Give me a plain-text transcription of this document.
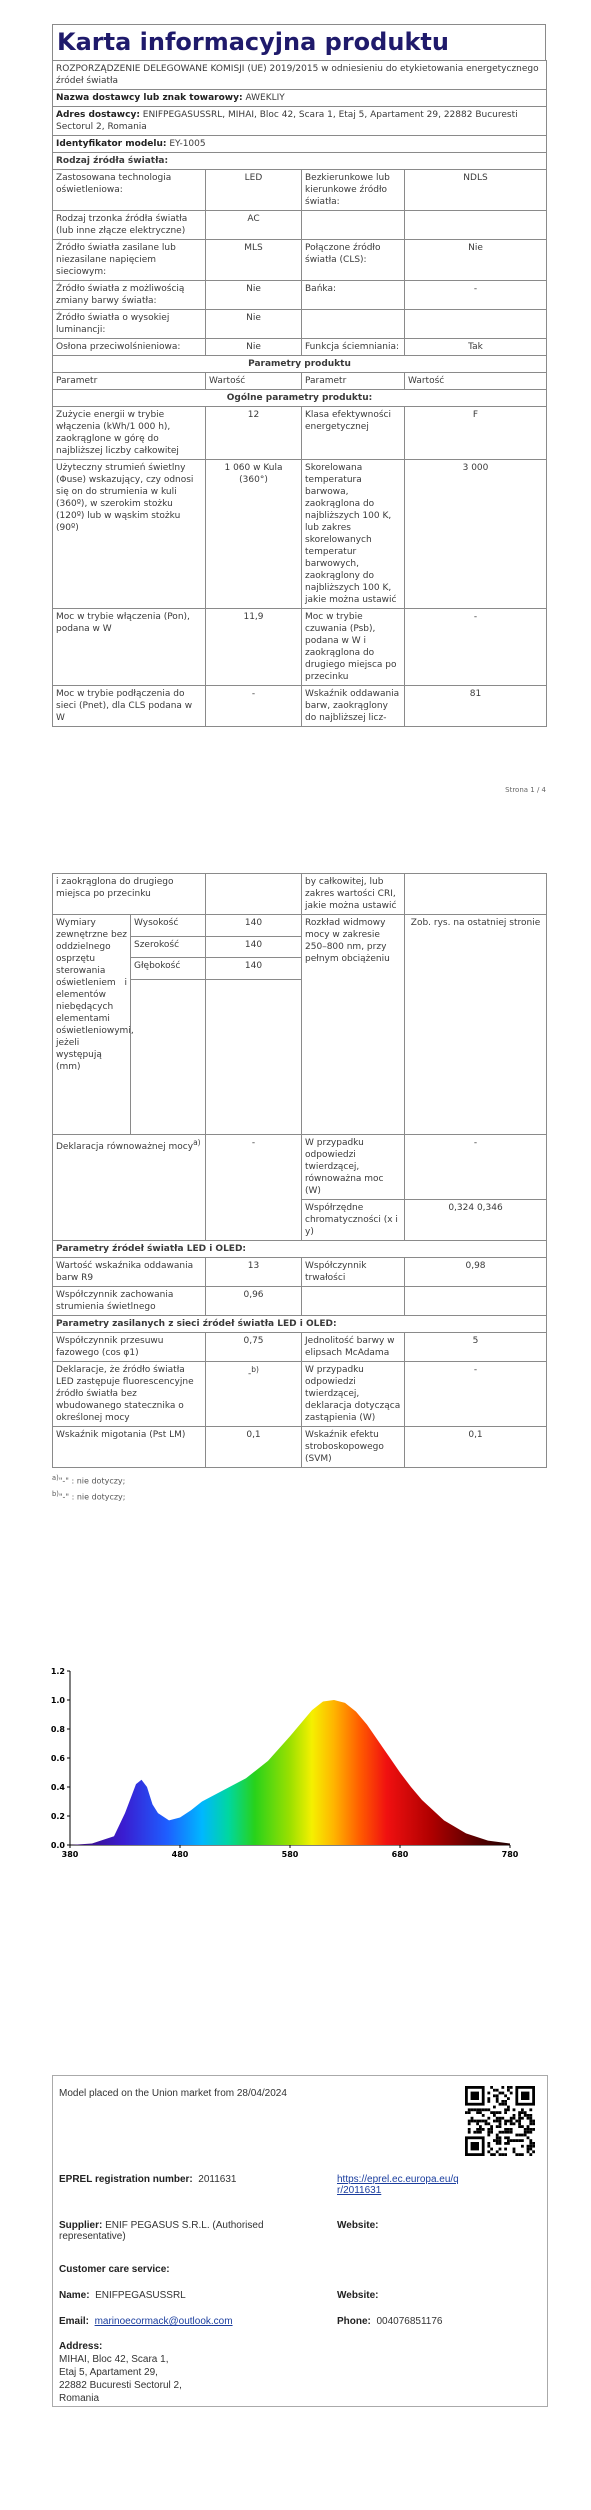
Karta informacyjna produktu
ROZPORZĄDZENIE DELEGOWANE KOMISJI (UE) 2019/2015 w odniesieniu do etykietowania energetycznego źródeł światła			
Nazwa dostawcy lub znak towarowy: AWEKLIY			
Adres dostawcy: ENIFPEGASUSSRL, MIHAI, Bloc 42, Scara 1, Etaj 5, Apartament 29, 22882 Bucuresti Sectorul 2, Romania			
Identyfikator modelu: EY-1005			
Rodzaj źródła światła:			
Zastosowana technologia oświetleniowa:	LED	Bezkierunkowe lub kierunkowe źródło światła:	NDLS
Rodzaj trzonka źródła światła (lub inne złącze elektryczne)	AC		
Źródło światła zasilane lub niezasilane napięciem sieciowym:	MLS	Połączone źródło światła (CLS):	Nie
Źródło światła z możliwością zmiany barwy światła:	Nie	Bańka:	-
Źródło światła o wysokiej luminancji:	Nie		
Osłona przeciwolśnieniowa:	Nie	Funkcja ściemniania:	Tak
Parametry produktu			
Parametr	Wartość	Parametr	Wartość
Ogólne parametry produktu:			
Zużycie energii w trybie włączenia (kWh/1 000 h), zaokrąglone w górę do najbliższej liczby całkowitej	12	Klasa efektywności energetycznej	F
Użyteczny strumień świetlny (Φuse) wskazujący, czy odnosi się on do strumienia w kuli (360º), w szerokim stożku (120º) lub w wąskim stożku (90º)	1 060 w Kula (360°)	Skorelowana temperatura barwowa, zaokrąglona do najbliższych 100 K, lub zakres skorelowanych temperatur barwowych, zaokrąglony do najbliższych 100 K, jakie można ustawić	3 000
Moc w trybie włączenia (Pon), podana w W	11,9	Moc w trybie czuwania (Psb), podana w W i zaokrąglona do drugiego miejsca po przecinku	-
Moc w trybie podłączenia do sieci (Pnet), dla CLS podana w W	-	Wskaźnik oddawania barw, zaokrąglony do najbliższej licz-	81
Strona 1 / 4
i zaokrąglona do drugiego miejsca po przecinku			by całkowitej, lub zakres wartości CRI, jakie można ustawić	
Wymiary zewnętrzne bez oddzielnego osprzętu sterowania oświetleniem i elementów niebędących elementami oświetleniowymi, jeżeli występują (mm)	Wysokość	140	Rozkład widmowy mocy w zakresie 250–800 nm, przy pełnym obciążeniu	Zob. rys. na ostatniej stronie
	Szerokość	140		
	Głębokość	140		

Deklaracja równoważnej mocy$^{a)}$		-	W przypadku odpowiedzi twierdzącej, równoważna moc (W)	-
			Współrzędne chromatyczności (x i y)	0,324 0,346
Parametry źródeł światła LED i OLED:				
Wartość wskaźnika oddawania barw R9		13	Współczynnik trwałości	0,98
Współczynnik zachowania strumienia świetlnego		0,96		
Parametry zasilanych z sieci źródeł światła LED i OLED:				
Współczynnik przesuwu fazowego (cos φ1)		0,75	Jednolitość barwy w elipsach McAdama	5
Deklaracje, że źródło światła LED zastępuje fluorescencyjne źródło światła bez wbudowanego statecznika o określonej mocy		-$^{b)}$	W przypadku odpowiedzi twierdzącej, deklaracja dotycząca zastąpienia (W)	-
Wskaźnik migotania (Pst LM)		0,1	Wskaźnik efektu stroboskopowego (SVM)	0,1
$^{a)}$"-" : nie dotyczy;
$^{b)}$"-" : nie dotyczy;
0.0
0.2
0.4
0.6
0.8
1.0
1.2
380	480	580	680	780
Model placed on the Union market from 28/04/2024
EPREL registration number: 2011631	https://eprel.ec.europa.eu/qr/2011631
Supplier: ENIF PEGASUS S.R.L. (Authorised representative)
Website:
Customer care service:
Name: ENIFPEGASUSSRL	Website:
Email: marinoecormack@outlook.com	Phone: 004076851176
Address:
MIHAI, Bloc 42, Scara 1,
Etaj 5, Apartament 29,
22882 Bucuresti Sectorul 2,
Romania
